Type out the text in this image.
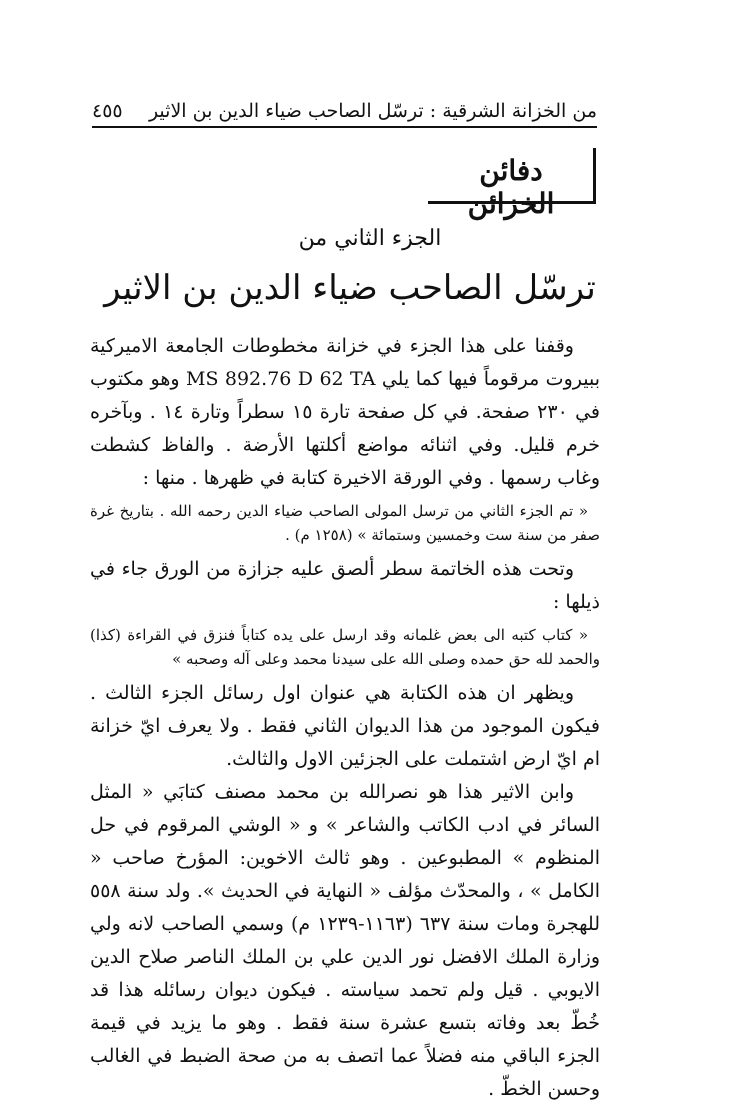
من الخزانة الشرقية : ترسّل الصاحب ضياء الدين بن الاثير
٤٥٥
دفائن الخزائن
الجزء الثاني من
ترسّل الصاحب ضياء الدين بن الاثير

وقفنا على هذا الجزء في خزانة مخطوطات الجامعة الاميركية ببيروت مرقوماً فيها كما يلي MS 892.76 D 62 TA وهو مكتوب في ٢٣٠ صفحة. في كل صفحة تارة ١٥ سطراً وتارة ١٤ . وبآخره خرم قليل. وفي اثنائه مواضع أكلتها الأرضة . والفاظ كشطت وغاب رسمها . وفي الورقة الاخيرة كتابة في ظهرها . منها :

« تم الجزء الثاني من ترسل المولى الصاحب ضياء الدين رحمه الله . بتاريخ غرة صفر من سنة ست وخمسين وستمائة » (١٢٥٨ م) .

وتحت هذه الخاتمة سطر ألصق عليه جزازة من الورق جاء في ذيلها :

« كتاب كتبه الى بعض غلمانه وقد ارسل على يده كتاباً فنزق في القراءة (كذا) والحمد لله حق حمده وصلى الله على سيدنا محمد وعلى آله وصحبه »

ويظهر ان هذه الكتابة هي عنوان اول رسائل الجزء الثالث . فيكون الموجود من هذا الديوان الثاني فقط . ولا يعرف ايّ خزانة ام ايّ ارض اشتملت على الجزئين الاول والثالث.

وابن الاثير هذا هو نصرالله بن محمد مصنف كتابَي « المثل السائر في ادب الكاتب والشاعر » و « الوشي المرقوم في حل المنظوم » المطبوعين . وهو ثالث الاخوين: المؤرخ صاحب « الكامل » ، والمحدّث مؤلف « النهاية في الحديث ». ولد سنة ٥٥٨ للهجرة ومات سنة ٦٣٧ (١١٦٣-١٢٣٩ م) وسمي الصاحب لانه ولي وزارة الملك الافضل نور الدين علي بن الملك الناصر صلاح الدين الايوبي . قيل ولم تحمد سياسته . فيكون ديوان رسائله هذا قد خُطّ بعد وفاته بتسع عشرة سنة فقط . وهو ما يزيد في قيمة الجزء الباقي منه فضلاً عما اتصف به من صحة الضبط في الغالب وحسن الخطّ .
